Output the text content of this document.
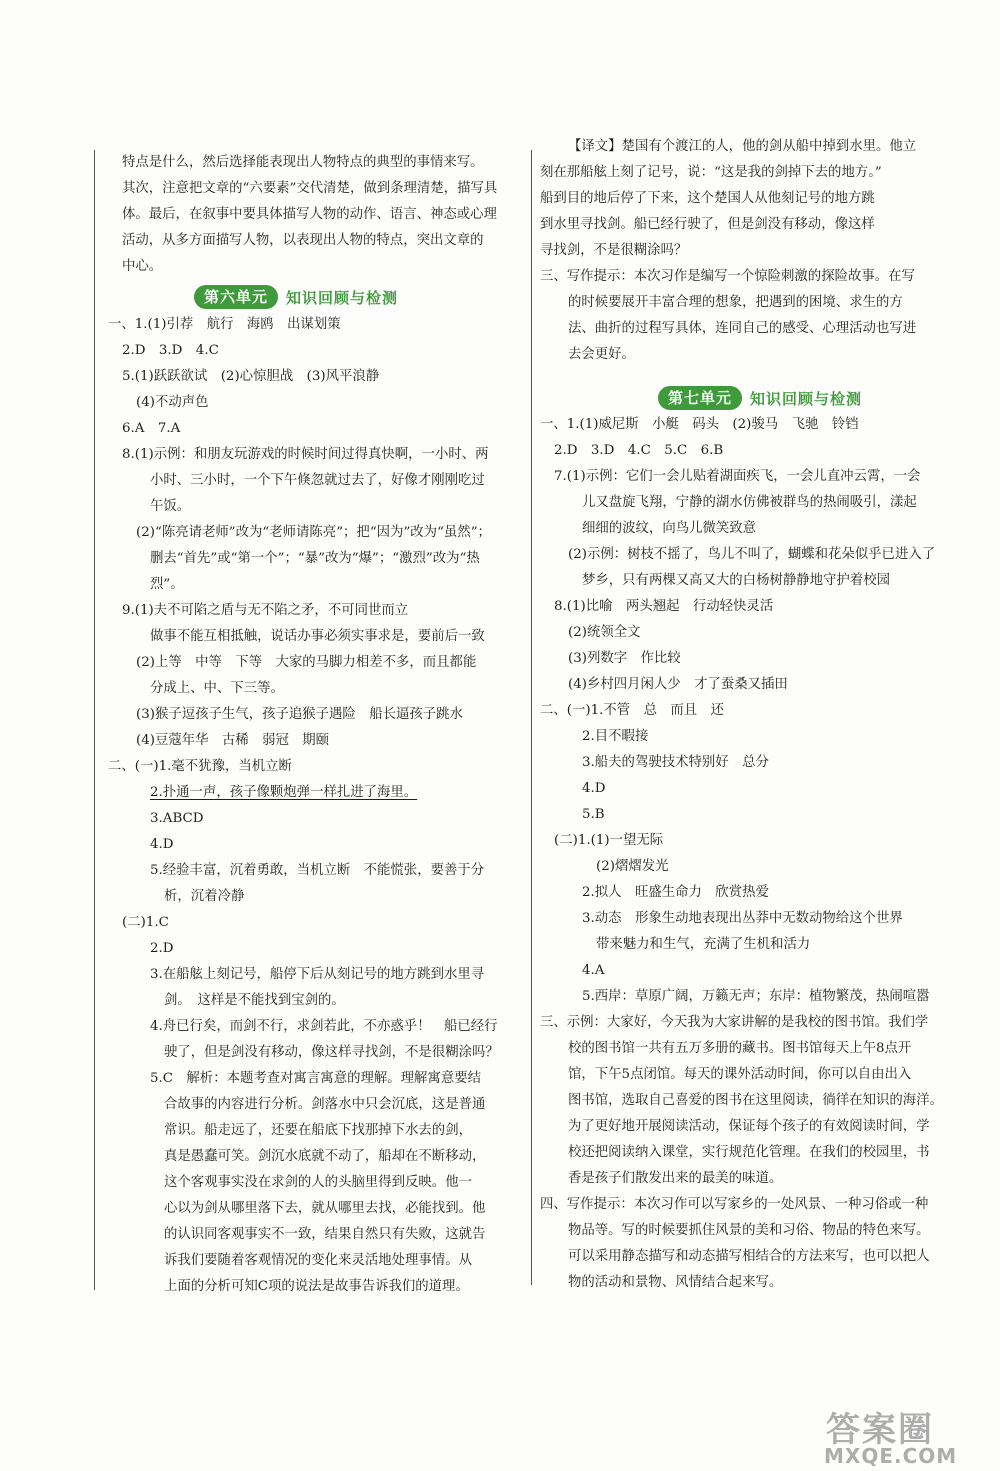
特点是什么，然后选择能表现出人物特点的典型的事情来写。
其次，注意把文章的“六要素”交代清楚，做到条理清楚，描写具
体。最后，在叙事中要具体描写人物的动作、语言、神态或心理
活动，从多方面描写人物，以表现出人物的特点，突出文章的
中心。
第六单元	知识回顾与检测
一、1.(1)引荐　航行　海鸥　出谋划策
2.D　3.D　4.C
5.(1)跃跃欲试　(2)心惊胆战　(3)风平浪静
(4)不动声色
6.A　7.A
8.(1)示例：和朋友玩游戏的时候时间过得真快啊，一小时、两
小时、三小时，一个下午倏忽就过去了，好像才刚刚吃过
午饭。
(2)“陈亮请老师”改为“老师请陈亮”；把“因为”改为“虽然”；
删去“首先”或“第一个”；“暴”改为“爆”；“激烈”改为“热
烈”。
9.(1)夫不可陷之盾与无不陷之矛，不可同世而立
做事不能互相抵触，说话办事必须实事求是，要前后一致
(2)上等　中等　下等　大家的马脚力相差不多，而且都能
分成上、中、下三等。
(3)猴子逗孩子生气，孩子追猴子遇险　船长逼孩子跳水
(4)豆蔻年华　古稀　弱冠　期颐
二、(一)1.毫不犹豫，当机立断
2.扑通一声，孩子像颗炮弹一样扎进了海里。
3.ABCD
4.D
5.经验丰富，沉着勇敢，当机立断　不能慌张，要善于分
析，沉着冷静
(二)1.C
2.D
3.在船舷上刻记号，船停下后从刻记号的地方跳到水里寻
剑。　这样是不能找到宝剑的。
4.舟已行矣，而剑不行，求剑若此，不亦惑乎！　船已经行
驶了，但是剑没有移动，像这样寻找剑，不是很糊涂吗？
5.C　解析：本题考查对寓言寓意的理解。理解寓意要结
合故事的内容进行分析。剑落水中只会沉底，这是普通
常识。船走远了，还要在船底下找那掉下水去的剑，
真是愚蠢可笑。剑沉水底就不动了，船却在不断移动，
这个客观事实没在求剑的人的头脑里得到反映。他一
心以为剑从哪里落下去，就从哪里去找，必能找到。他
的认识同客观事实不一致，结果自然只有失败，这就告
诉我们要随着客观情况的变化来灵活地处理事情。从
上面的分析可知C项的说法是故事告诉我们的道理。
【译文】楚国有个渡江的人，他的剑从船中掉到水里。他立
刻在那船舷上刻了记号，说：“这是我的剑掉下去的地方。”
船到目的地后停了下来，这个楚国人从他刻记号的地方跳
到水里寻找剑。船已经行驶了，但是剑没有移动，像这样
寻找剑，不是很糊涂吗？
三、写作提示：本次习作是编写一个惊险刺激的探险故事。在写
的时候要展开丰富合理的想象，把遇到的困境、求生的方
法、曲折的过程写具体，连同自己的感受、心理活动也写进
去会更好。
第七单元	知识回顾与检测
一、1.(1)威尼斯　小艇　码头　(2)骏马　飞驰　铃铛
2.D　3.D　4.C　5.C　6.B
7.(1)示例：它们一会儿贴着湖面疾飞，一会儿直冲云霄，一会
儿又盘旋飞翔，宁静的湖水仿佛被群鸟的热闹吸引，漾起
细细的波纹，向鸟儿微笑致意
(2)示例：树枝不摇了，鸟儿不叫了，蝴蝶和花朵似乎已进入了
梦乡，只有两棵又高又大的白杨树静静地守护着校园
8.(1)比喻　两头翘起　行动轻快灵活
(2)统领全文
(3)列数字　作比较
(4)乡村四月闲人少　才了蚕桑又插田
二、(一)1.不管　总　而且　还
2.目不暇接
3.船夫的驾驶技术特别好　总分
4.D
5.B
(二)1.(1)一望无际
(2)熠熠发光
2.拟人　旺盛生命力　欣赏热爱
3.动态　形象生动地表现出丛莽中无数动物给这个世界
带来魅力和生气，充满了生机和活力
4.A
5.西岸：草原广阔，万籁无声；东岸：植物繁茂，热闹喧嚣
三、示例：大家好，今天我为大家讲解的是我校的图书馆。我们学
校的图书馆一共有五万多册的藏书。图书馆每天上午8点开
馆，下午5点闭馆。每天的课外活动时间，你可以自由出入
图书馆，选取自己喜爱的图书在这里阅读，徜徉在知识的海洋。
为了更好地开展阅读活动，保证每个孩子的有效阅读时间，学
校还把阅读纳入课堂，实行规范化管理。在我们的校园里，书
香是孩子们散发出来的最美的味道。
四、写作提示：本次习作可以写家乡的一处风景、一种习俗或一种
物品等。写的时候要抓住风景的美和习俗、物品的特色来写。
可以采用静态描写和动态描写相结合的方法来写，也可以把人
物的活动和景物、风情结合起来写。
答案圈
MXQE.COM
